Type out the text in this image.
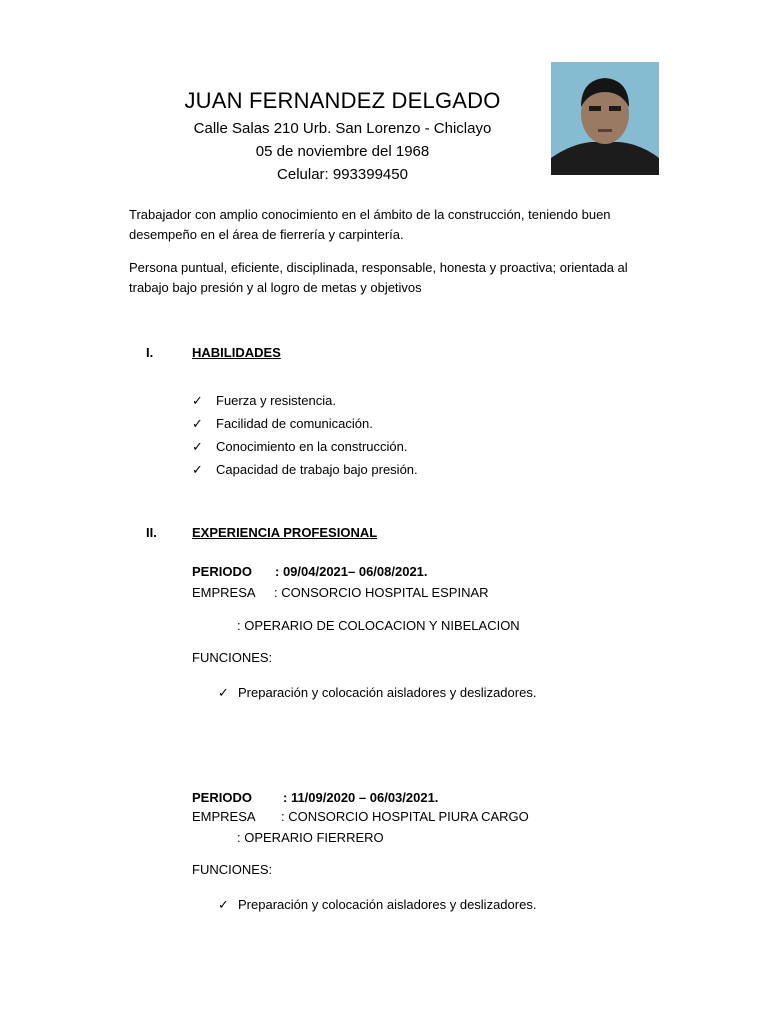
JUAN FERNANDEZ DELGADO
Calle Salas 210 Urb. San Lorenzo - Chiclayo
05 de noviembre del 1968
Celular: 993399450
Trabajador con amplio conocimiento en el ámbito de la construcción, teniendo buen
desempeño en el área de fierrería y carpintería.
Persona puntual, eficiente, disciplinada, responsable, honesta y proactiva; orientada al
trabajo bajo presión y al logro de metas y objetivos
I.	HABILIDADES
✓ Fuerza y resistencia.
✓ Facilidad de comunicación.
✓ Conocimiento en la construcción.
✓ Capacidad de trabajo bajo presión.
II.	EXPERIENCIA PROFESIONAL
PERIODO : 09/04/2021– 06/08/2021.
EMPRESA : CONSORCIO HOSPITAL ESPINAR
: OPERARIO DE COLOCACION Y NIBELACION
FUNCIONES:
✓ Preparación y colocación aisladores y deslizadores.
PERIODO : 11/09/2020 – 06/03/2021.
EMPRESA : CONSORCIO HOSPITAL PIURA CARGO
: OPERARIO FIERRERO
FUNCIONES:
✓ Preparación y colocación aisladores y deslizadores.
